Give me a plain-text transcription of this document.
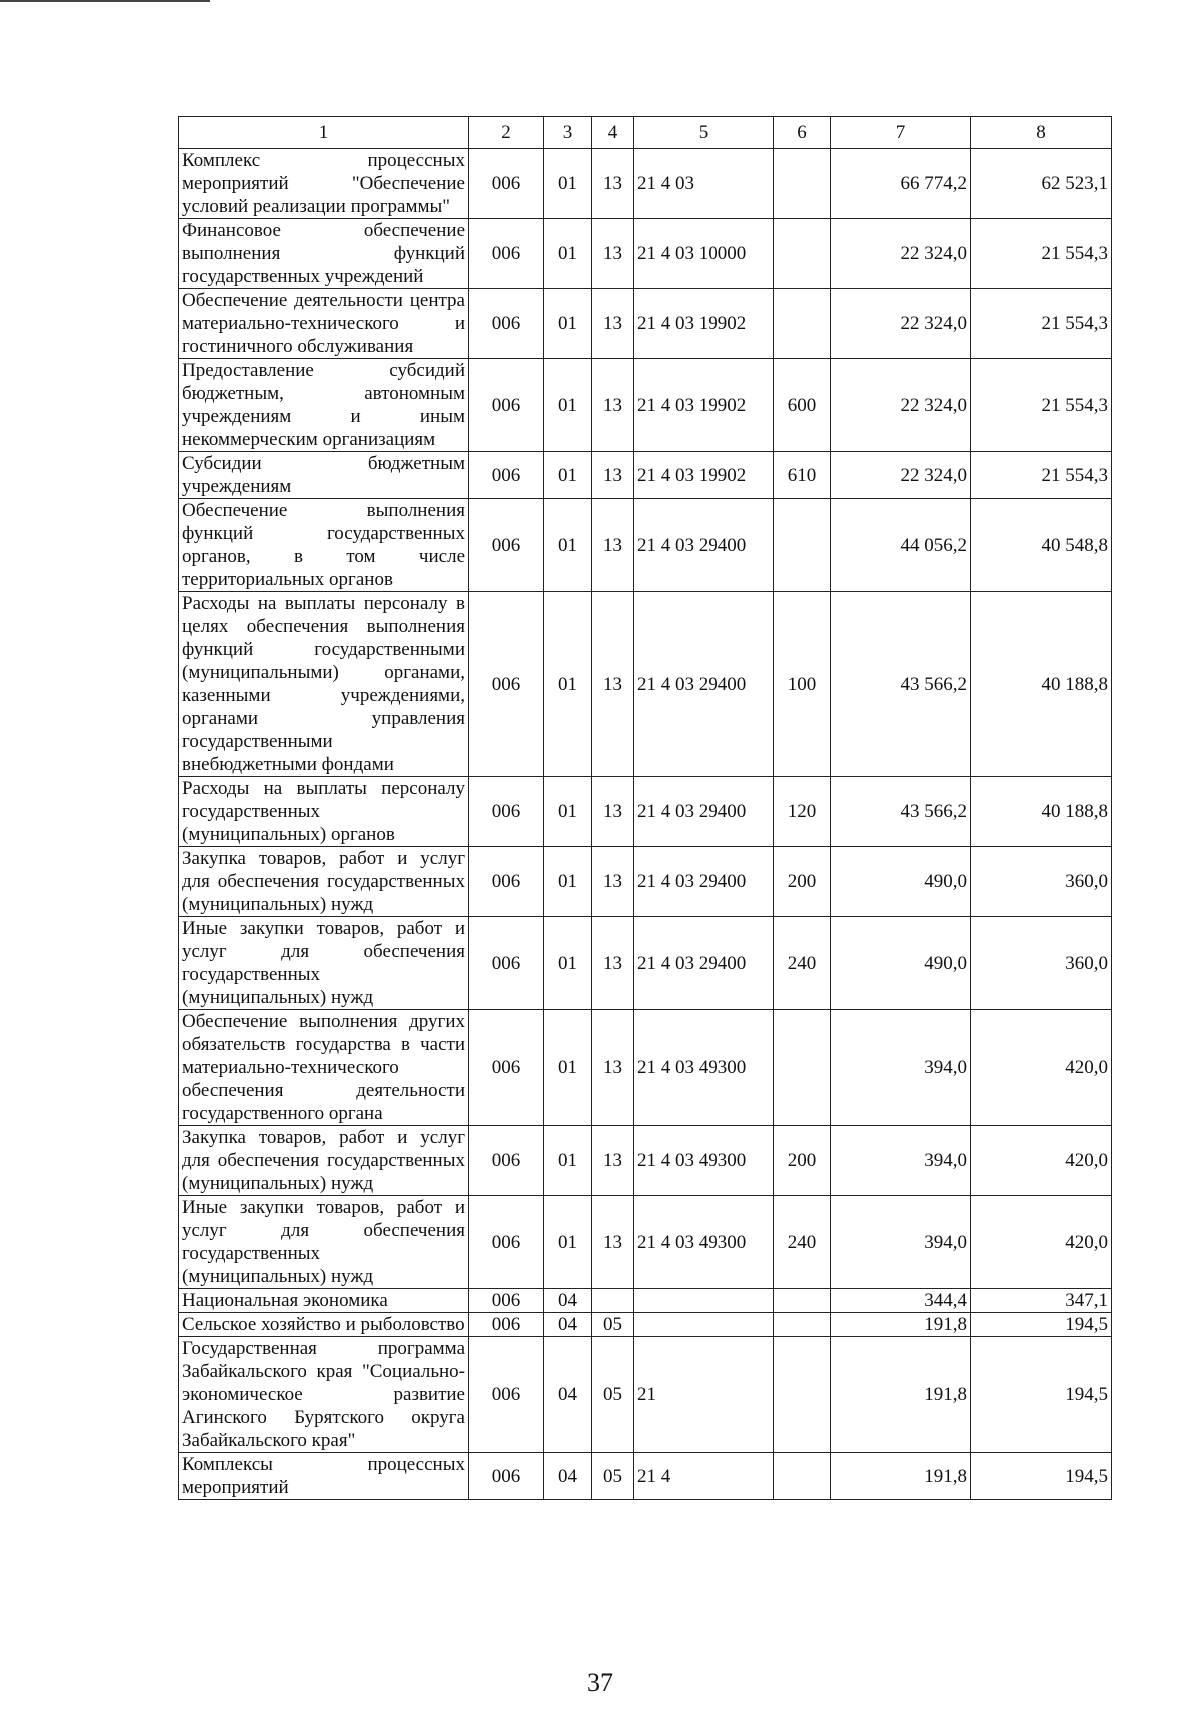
1	2	3	4	5	6	7	8
Комплекс процессных мероприятий "Обеспечение условий реализации программы"	006	01	13	21 4 03		66 774,2	62 523,1
Финансовое обеспечение выполнения функций государственных учреждений	006	01	13	21 4 03 10000		22 324,0	21 554,3
Обеспечение деятельности центра материально-технического и гостиничного обслуживания	006	01	13	21 4 03 19902		22 324,0	21 554,3
Предоставление субсидий бюджетным, автономным учреждениям и иным некоммерческим организациям	006	01	13	21 4 03 19902	600	22 324,0	21 554,3
Субсидии бюджетным учреждениям	006	01	13	21 4 03 19902	610	22 324,0	21 554,3
Обеспечение выполнения функций государственных органов, в том числе территориальных органов	006	01	13	21 4 03 29400		44 056,2	40 548,8
Расходы на выплаты персоналу в целях обеспечения выполнения функций государственными (муниципальными) органами, казенными учреждениями, органами управления государственными внебюджетными фондами	006	01	13	21 4 03 29400	100	43 566,2	40 188,8
Расходы на выплаты персоналу государственных (муниципальных) органов	006	01	13	21 4 03 29400	120	43 566,2	40 188,8
Закупка товаров, работ и услуг для обеспечения государственных (муниципальных) нужд	006	01	13	21 4 03 29400	200	490,0	360,0
Иные закупки товаров, работ и услуг для обеспечения государственных (муниципальных) нужд	006	01	13	21 4 03 29400	240	490,0	360,0
Обеспечение выполнения других обязательств государства в части материально-технического обеспечения деятельности государственного органа	006	01	13	21 4 03 49300		394,0	420,0
Закупка товаров, работ и услуг для обеспечения государственных (муниципальных) нужд	006	01	13	21 4 03 49300	200	394,0	420,0
Иные закупки товаров, работ и услуг для обеспечения государственных (муниципальных) нужд	006	01	13	21 4 03 49300	240	394,0	420,0
Национальная экономика	006	04				344,4	347,1
Сельское хозяйство и рыболовство	006	04	05			191,8	194,5
Государственная программа Забайкальского края "Социально-экономическое развитие Агинского Бурятского округа Забайкальского края"	006	04	05	21		191,8	194,5
Комплексы процессных мероприятий	006	04	05	21 4		191,8	194,5
37
